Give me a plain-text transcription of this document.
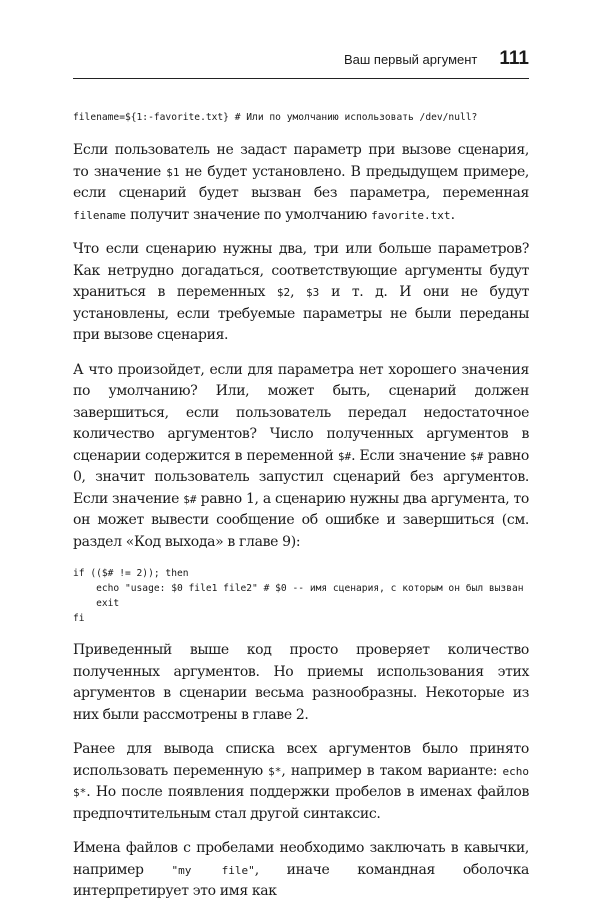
Ваш первый аргумент 111
filename=${1:-favorite.txt} # Или по умолчанию использовать /dev/null?

Если пользователь не задаст параметр при вызове сценария, то значение $1 не будет установлено. В предыдущем примере, если сценарий будет вызван без параметра, переменная filename получит значение по умолчанию favorite.txt.

Что если сценарию нужны два, три или больше параметров? Как нетрудно догадаться, соответствующие аргументы будут храниться в переменных $2, $3 и т. д. И они не будут установлены, если требуемые параметры не были переданы при вызове сценария.

А что произойдет, если для параметра нет хорошего значения по умолчанию? Или, может быть, сценарий должен завершиться, если пользователь передал недостаточное количество аргументов? Число полученных аргументов в сценарии содержится в переменной $#. Если значение $# равно 0, значит пользователь запустил сценарий без аргументов. Если значение $# равно 1, а сценарию нужны два аргумента, то он может вывести сообщение об ошибке и завершиться (см. раздел «Код выхода» в главе 9):

if (($# != 2)); then
echo "usage: $0 file1 file2" # $0 -- имя сценария, с которым он был вызван
exit
fi

Приведенный выше код просто проверяет количество полученных аргументов. Но приемы использования этих аргументов в сценарии весьма разнообразны. Некоторые из них были рассмотрены в главе 2.

Ранее для вывода списка всех аргументов было принято использовать переменную $*, например в таком варианте: echo $*. Но после появления поддержки пробелов в именах файлов предпочтительным стал другой синтаксис.

Имена файлов с пробелами необходимо заключать в кавычки, например "my file", иначе командная оболочка интерпретирует это имя как
